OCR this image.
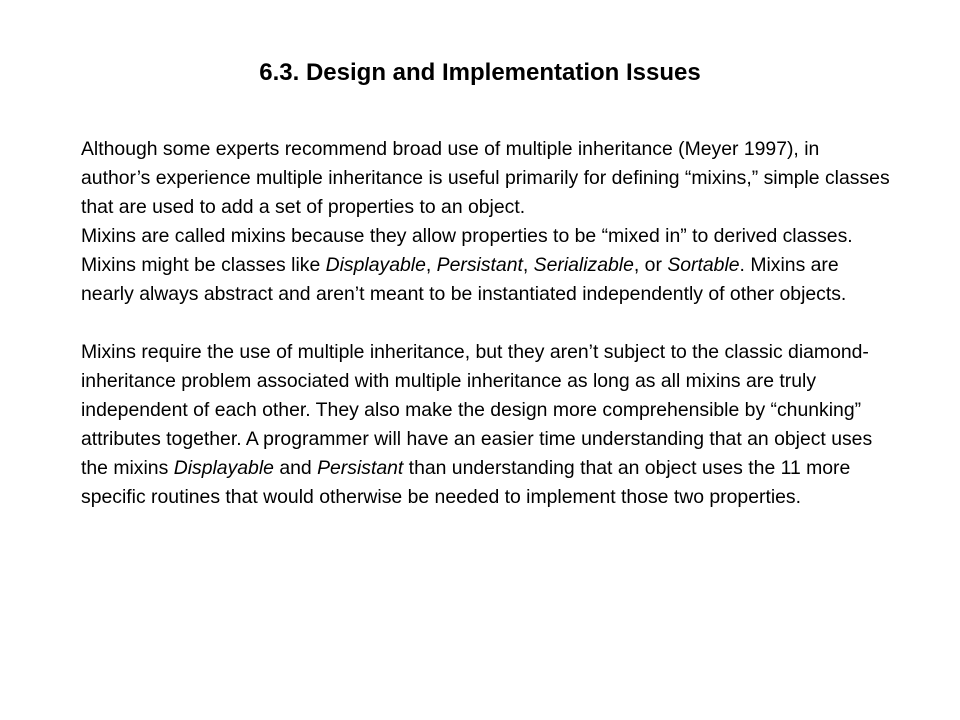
6.3. Design and Implementation Issues

Although some experts recommend broad use of multiple inheritance (Meyer 1997), in author’s experience multiple inheritance is useful primarily for defining “mixins,” simple classes that are used to add a set of properties to an object.

Mixins are called mixins because they allow properties to be “mixed in” to derived classes. Mixins might be classes like Displayable, Persistant, Serializable, or Sortable. Mixins are nearly always abstract and aren’t meant to be instantiated independently of other objects.

Mixins require the use of multiple inheritance, but they aren’t subject to the classic diamond-inheritance problem associated with multiple inheritance as long as all mixins are truly independent of each other. They also make the design more comprehensible by “chunking” attributes together. A programmer will have an easier time understanding that an object uses the mixins Displayable and Persistant than understanding that an object uses the 11 more specific routines that would otherwise be needed to implement those two properties.
